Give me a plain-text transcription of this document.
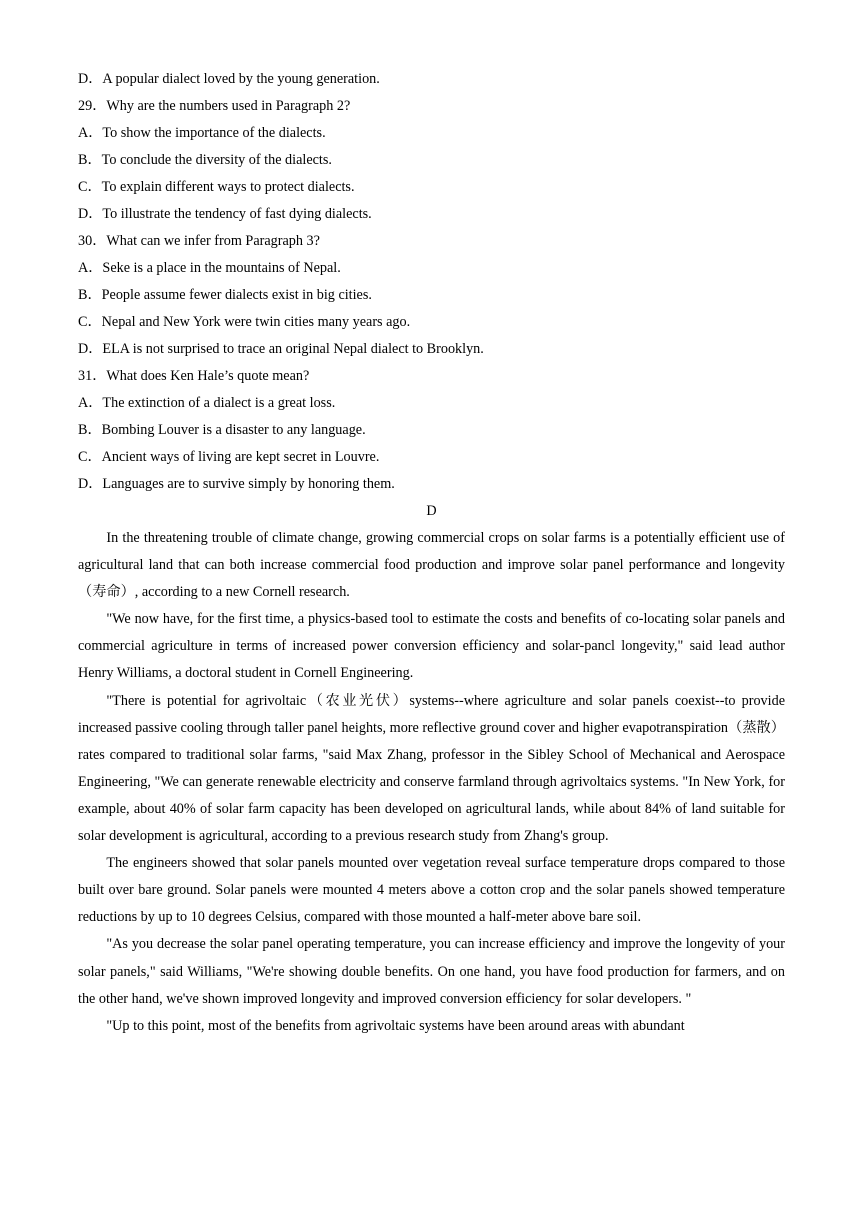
D．A popular dialect loved by the young generation.
29．Why are the numbers used in Paragraph 2?
A．To show the importance of the dialects.
B．To conclude the diversity of the dialects.
C．To explain different ways to protect dialects.
D．To illustrate the tendency of fast dying dialects.
30．What can we infer from Paragraph 3?
A．Seke is a place in the mountains of Nepal.
B．People assume fewer dialects exist in big cities.
C．Nepal and New York were twin cities many years ago.
D．ELA is not surprised to trace an original Nepal dialect to Brooklyn.
31．What does Ken Hale’s quote mean?
A．The extinction of a dialect is a great loss.
B．Bombing Louver is a disaster to any language.
C．Ancient ways of living are kept secret in Louvre.
D．Languages are to survive simply by honoring them.
D

In the threatening trouble of climate change, growing commercial crops on solar farms is a potentially efficient use of agricultural land that can both increase commercial food production and improve solar panel performance and longevity（寿命）, according to a new Cornell research.

"We now have, for the first time, a physics-based tool to estimate the costs and benefits of co-locating solar panels and commercial agriculture in terms of increased power conversion efficiency and solar-pancl longevity," said lead author Henry Williams, a doctoral student in Cornell Engineering.

"There is potential for agrivoltaic（农业光伏）systems--where agriculture and solar panels coexist--to provide increased passive cooling through taller panel heights, more reflective ground cover and higher evapotranspiration（蒸散）rates compared to traditional solar farms, "said Max Zhang, professor in the Sibley School of Mechanical and Aerospace Engineering, "We can generate renewable electricity and conserve farmland through agrivoltaics systems. "In New York, for example, about 40% of solar farm capacity has been developed on agricultural lands, while about 84% of land suitable for solar development is agricultural, according to a previous research study from Zhang's group.

The engineers showed that solar panels mounted over vegetation reveal surface temperature drops compared to those built over bare ground. Solar panels were mounted 4 meters above a cotton crop and the solar panels showed temperature reductions by up to 10 degrees Celsius, compared with those mounted a half-meter above bare soil.

"As you decrease the solar panel operating temperature, you can increase efficiency and improve the longevity of your solar panels," said Williams, "We're showing double benefits. On one hand, you have food production for farmers, and on the other hand, we've shown improved longevity and improved conversion efficiency for solar developers. "

"Up to this point, most of the benefits from agrivoltaic systems have been around areas with abundant
